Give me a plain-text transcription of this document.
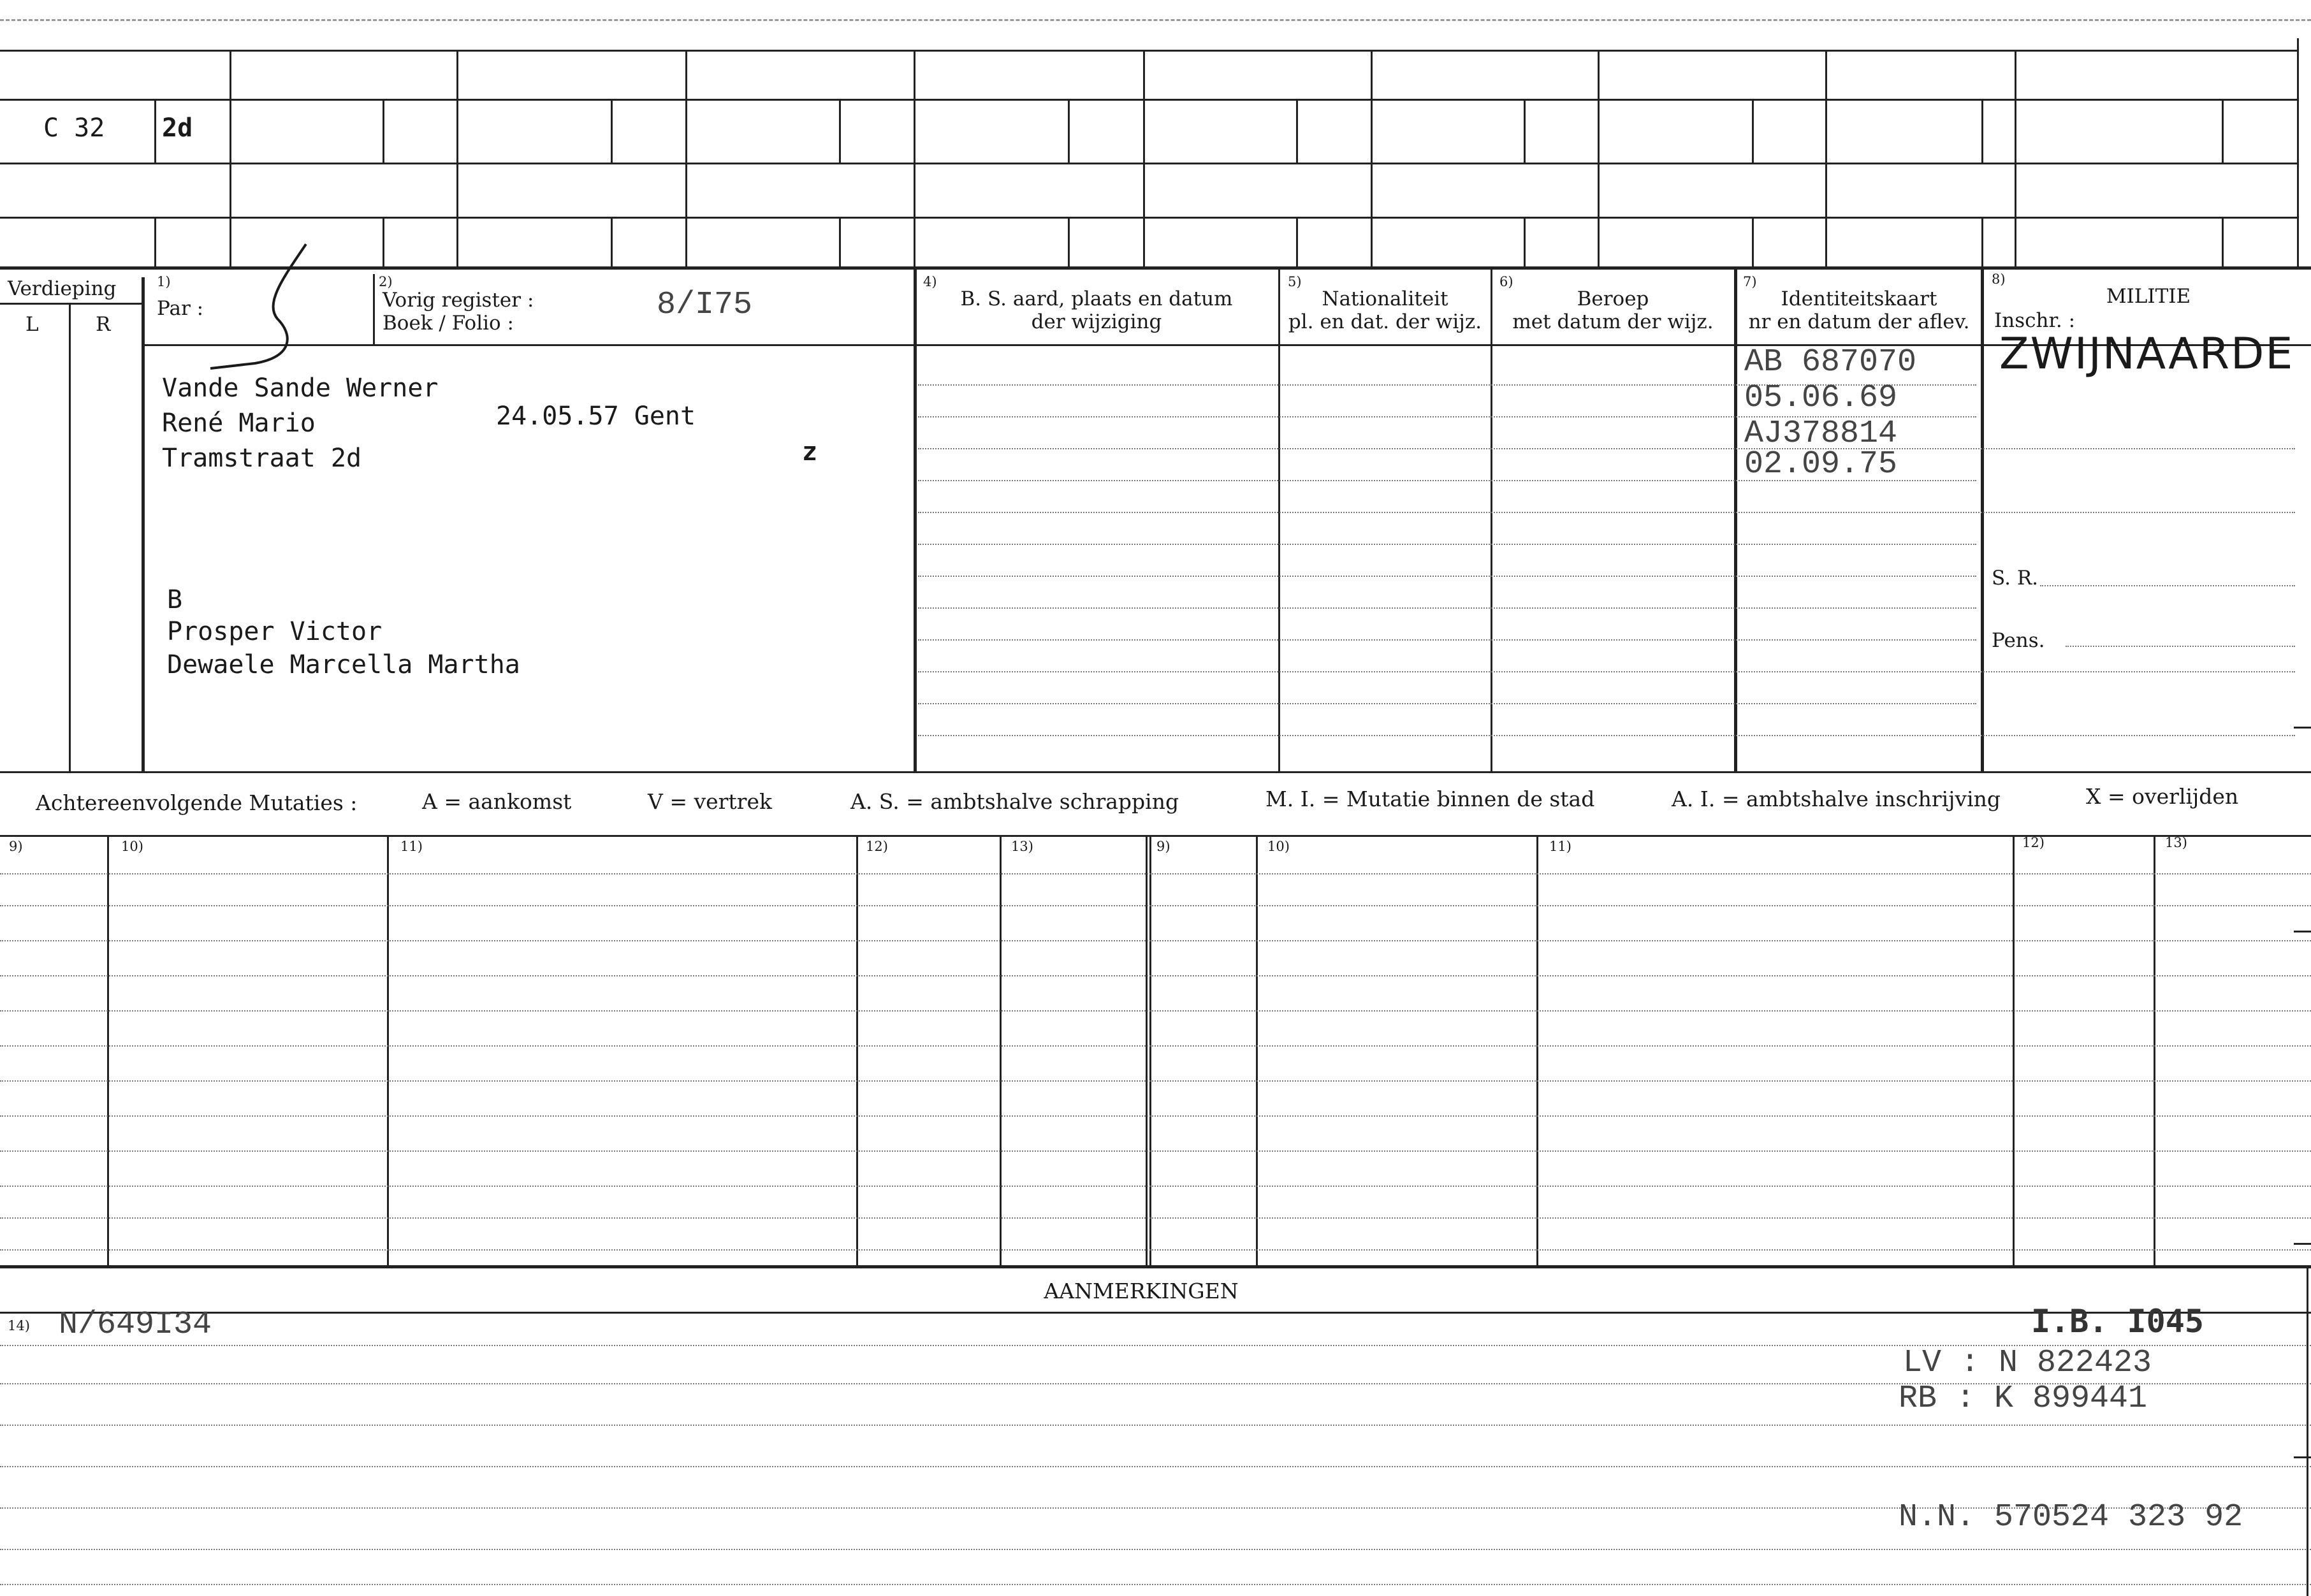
C 32 2d
Verdieping
L	R
1)
Par :
2)
Vorig register :
Boek / Folio :	8/I75
4)
B. S. aard, plaats en datum
der wijziging
5)
Nationaliteit
pl. en dat. der wijz.
6)
Beroep
met datum der wijz.
7)
Identiteitskaart
nr en datum der aflev.
8)
MILITIE
Inschr. :
Vande Sande Werner
René Mario	24.05.57 Gent
Tramstraat 2d	z
B
Prosper Victor
Dewaele Marcella Martha
AB 687070
05.06.69
AJ378814
02.09.75
ZWIJNAARDE
S. R.
Pens.
Achtereenvolgende Mutaties :	A = aankomst	V = vertrek	A. S. = ambtshalve schrapping	M. I. = Mutatie binnen de stad	A. I. = ambtshalve inschrijving	X = overlijden
9)	10)	11)	12)	13)	9)	10)	11)	12)	13)
AANMERKINGEN
14) N/649I34	I.B. I045
LV : N 822423
RB : K 899441
N.N. 570524 323 92
